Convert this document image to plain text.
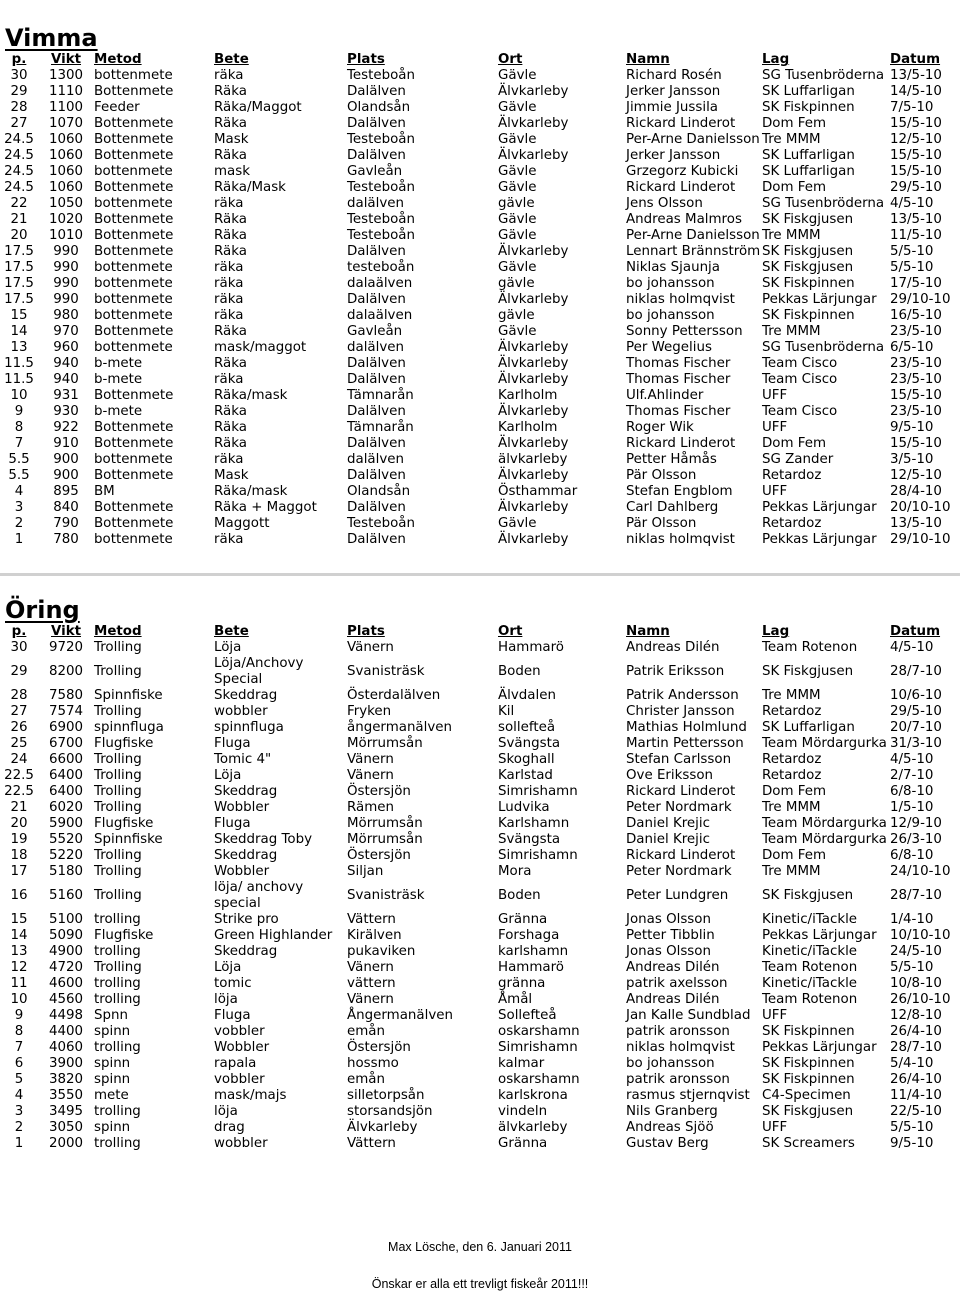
Vimma
p.	Vikt	Metod	Bete	Plats	Ort	Namn	Lag	Datum
30	1300	bottenmete	räka	Testeboån	Gävle	Richard Rosén	SG Tusenbröderna	13/5-10
29	1110	Bottenmete	Räka	Dalälven	Älvkarleby	Jerker Jansson	SK Luffarligan	14/5-10
28	1100	Feeder	Räka/Maggot	Olandsån	Gävle	Jimmie Jussila	SK Fiskpinnen	7/5-10
27	1070	Bottenmete	Räka	Dalälven	Älvkarleby	Rickard Linderot	Dom Fem	15/5-10
24.5	1060	Bottenmete	Mask	Testeboån	Gävle	Per-Arne Danielsson	Tre MMM	12/5-10
24.5	1060	Bottenmete	Räka	Dalälven	Älvkarleby	Jerker Jansson	SK Luffarligan	15/5-10
24.5	1060	bottenmete	mask	Gavleån	Gävle	Grzegorz Kubicki	SK Luffarligan	15/5-10
24.5	1060	Bottenmete	Räka/Mask	Testeboån	Gävle	Rickard Linderot	Dom Fem	29/5-10
22	1050	bottenmete	räka	dalälven	gävle	Jens Olsson	SG Tusenbröderna	4/5-10
21	1020	Bottenmete	Räka	Testeboån	Gävle	Andreas Malmros	SK Fiskgjusen	13/5-10
20	1010	Bottenmete	Räka	Testeboån	Gävle	Per-Arne Danielsson	Tre MMM	11/5-10
17.5	990	Bottenmete	Räka	Dalälven	Älvkarleby	Lennart Brännström	SK Fiskgjusen	5/5-10
17.5	990	bottenmete	räka	testeboån	Gävle	Niklas Sjaunja	SK Fiskgjusen	5/5-10
17.5	990	bottenmete	räka	dalaälven	gävle	bo johansson	SK Fiskpinnen	17/5-10
17.5	990	bottenmete	räka	Dalälven	Älvkarleby	niklas holmqvist	Pekkas Lärjungar	29/10-10
15	980	bottenmete	räka	dalaälven	gävle	bo johansson	SK Fiskpinnen	16/5-10
14	970	Bottenmete	Räka	Gavleån	Gävle	Sonny Pettersson	Tre MMM	23/5-10
13	960	bottenmete	mask/maggot	dalälven	Älvkarleby	Per Wegelius	SG Tusenbröderna	6/5-10
11.5	940	b-mete	Räka	Dalälven	Älvkarleby	Thomas Fischer	Team Cisco	23/5-10
11.5	940	b-mete	räka	Dalälven	Älvkarleby	Thomas Fischer	Team Cisco	23/5-10
10	931	Bottenmete	Räka/mask	Tämnarån	Karlholm	Ulf.Ahlinder	UFF	15/5-10
9	930	b-mete	Räka	Dalälven	Älvkarleby	Thomas Fischer	Team Cisco	23/5-10
8	922	Bottenmete	Räka	Tämnarån	Karlholm	Roger Wik	UFF	9/5-10
7	910	Bottenmete	Räka	Dalälven	Älvkarleby	Rickard Linderot	Dom Fem	15/5-10
5.5	900	bottenmete	räka	dalälven	älvkarleby	Petter Håmås	SG Zander	3/5-10
5.5	900	Bottenmete	Mask	Dalälven	Älvkarleby	Pär Olsson	Retardoz	12/5-10
4	895	BM	Räka/mask	Olandsån	Östhammar	Stefan Engblom	UFF	28/4-10
3	840	Bottenmete	Räka + Maggot	Dalälven	Älvkarleby	Carl Dahlberg	Pekkas Lärjungar	20/10-10
2	790	Bottenmete	Maggott	Testeboån	Gävle	Pär Olsson	Retardoz	13/5-10
1	780	bottenmete	räka	Dalälven	Älvkarleby	niklas holmqvist	Pekkas Lärjungar	29/10-10
Öring
p.	Vikt	Metod	Bete	Plats	Ort	Namn	Lag	Datum
30	9720	Trolling	Löja	Vänern	Hammarö	Andreas Dilén	Team Rotenon	4/5-10
29	8200	Trolling	Löja/Anchovy Special	Svanisträsk	Boden	Patrik Eriksson	SK Fiskgjusen	28/7-10
28	7580	Spinnfiske	Skeddrag	Österdalälven	Älvdalen	Patrik Andersson	Tre MMM	10/6-10
27	7574	Trolling	wobbler	Fryken	Kil	Christer Jansson	Retardoz	29/5-10
26	6900	spinnfluga	spinnfluga	ångermanälven	sollefteå	Mathias Holmlund	SK Luffarligan	20/7-10
25	6700	Flugfiske	Fluga	Mörrumsån	Svängsta	Martin Pettersson	Team Mördargurka	31/3-10
24	6600	Trolling	Tomic 4"	Vänern	Skoghall	Stefan Carlsson	Retardoz	4/5-10
22.5	6400	Trolling	Löja	Vänern	Karlstad	Ove Eriksson	Retardoz	2/7-10
22.5	6400	Trolling	Skeddrag	Östersjön	Simrishamn	Rickard Linderot	Dom Fem	6/8-10
21	6020	Trolling	Wobbler	Rämen	Ludvika	Peter Nordmark	Tre MMM	1/5-10
20	5900	Flugfiske	Fluga	Mörrumsån	Karlshamn	Daniel Krejic	Team Mördargurka	12/9-10
19	5520	Spinnfiske	Skeddrag Toby	Mörrumsån	Svängsta	Daniel Krejic	Team Mördargurka	26/3-10
18	5220	Trolling	Skeddrag	Östersjön	Simrishamn	Rickard Linderot	Dom Fem	6/8-10
17	5180	Trolling	Wobbler	Siljan	Mora	Peter Nordmark	Tre MMM	24/10-10
16	5160	Trolling	löja/ anchovy special	Svanisträsk	Boden	Peter Lundgren	SK Fiskgjusen	28/7-10
15	5100	trolling	Strike pro	Vättern	Gränna	Jonas Olsson	Kinetic/iTackle	1/4-10
14	5090	Flugfiske	Green Highlander	Kirälven	Forshaga	Petter Tibblin	Pekkas Lärjungar	10/10-10
13	4900	trolling	Skeddrag	pukaviken	karlshamn	Jonas Olsson	Kinetic/iTackle	24/5-10
12	4720	Trolling	Löja	Vänern	Hammarö	Andreas Dilén	Team Rotenon	5/5-10
11	4600	trolling	tomic	vättern	gränna	patrik axelsson	Kinetic/iTackle	10/8-10
10	4560	trolling	löja	Vänern	Åmål	Andreas Dilén	Team Rotenon	26/10-10
9	4498	Spnn	Fluga	Ångermanälven	Sollefteå	Jan Kalle Sundblad	UFF	12/8-10
8	4400	spinn	vobbler	emån	oskarshamn	patrik aronsson	SK Fiskpinnen	26/4-10
7	4060	trolling	Wobbler	Östersjön	Simrishamn	niklas holmqvist	Pekkas Lärjungar	28/7-10
6	3900	spinn	rapala	hossmo	kalmar	bo johansson	SK Fiskpinnen	5/4-10
5	3820	spinn	vobbler	emån	oskarshamn	patrik aronsson	SK Fiskpinnen	26/4-10
4	3550	mete	mask/majs	silletorpsån	karlskrona	rasmus stjernqvist	C4-Specimen	11/4-10
3	3495	trolling	löja	storsandsjön	vindeln	Nils Granberg	SK Fiskgjusen	22/5-10
2	3050	spinn	drag	Älvkarleby	älvkarleby	Andreas Sjöö	UFF	5/5-10
1	2000	trolling	wobbler	Vättern	Gränna	Gustav Berg	SK Screamers	9/5-10
Max Lösche, den 6. Januari 2011
Önskar er alla ett trevligt fiskeår 2011!!!
